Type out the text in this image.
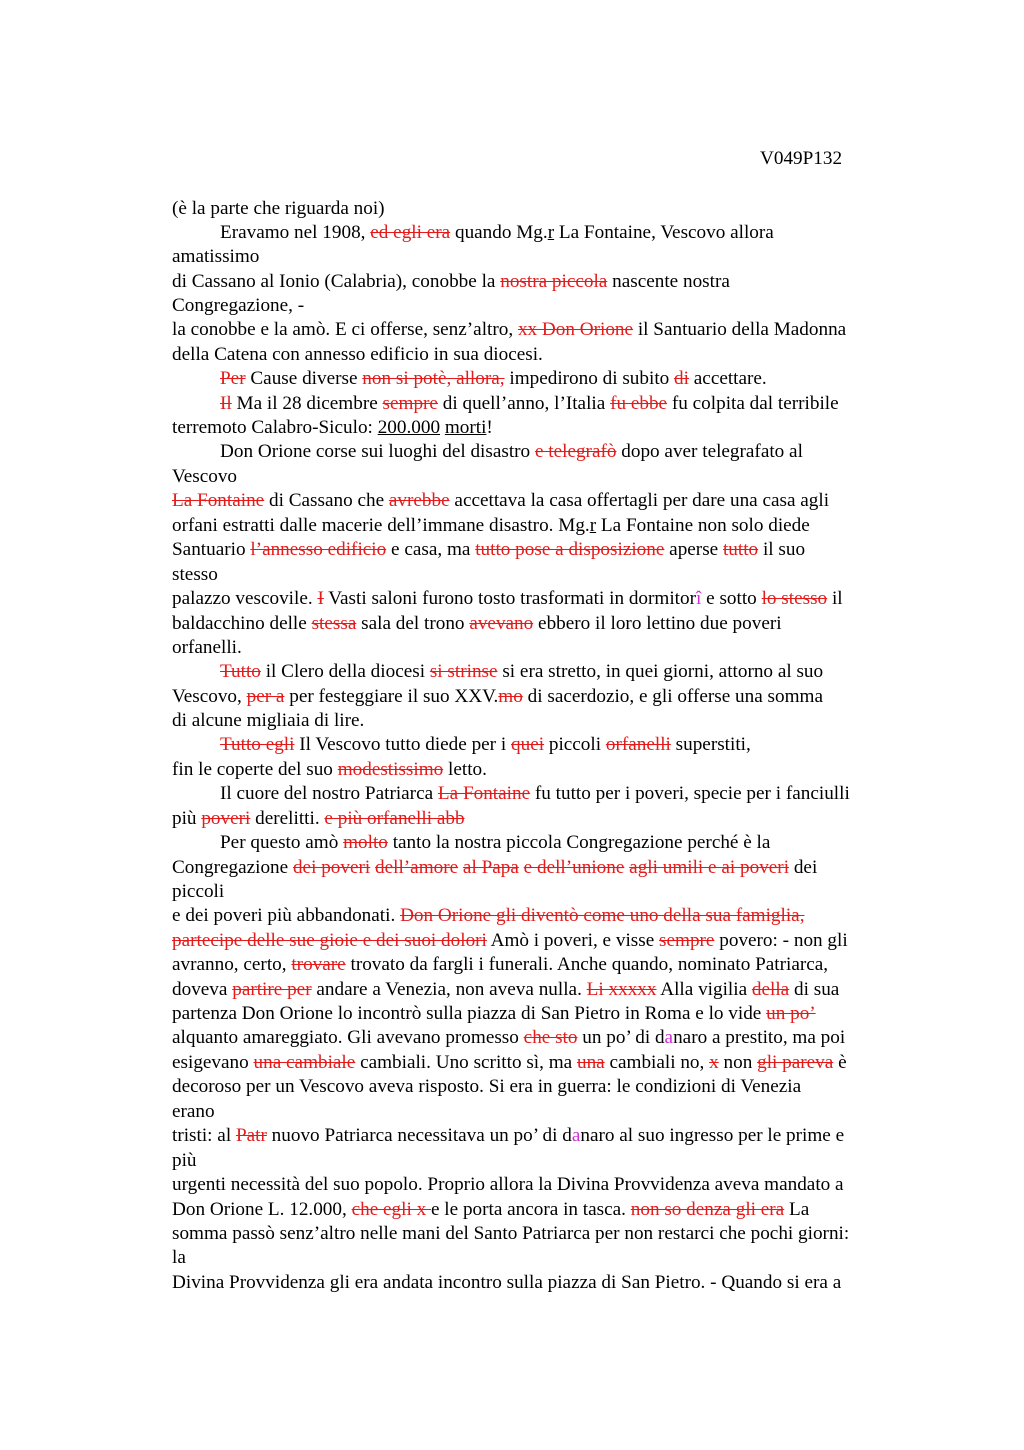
V049P132
(è la parte che riguarda noi)
Eravamo nel 1908, ed egli era quando Mg.r La Fontaine, Vescovo allora
amatissimo
di Cassano al Ionio (Calabria), conobbe la nostra piccola nascente nostra
Congregazione, -
la conobbe e la amò. E ci offerse, senz’altro, xx Don Orione il Santuario della Madonna
della Catena con annesso edificio in sua diocesi.
Per Cause diverse non si potè, allora, impedirono di subito di accettare.
Il Ma il 28 dicembre sempre di quell’anno, l’Italia fu ebbe fu colpita dal terribile
terremoto Calabro-Siculo: 200.000 morti!
Don Orione corse sui luoghi del disastro e telegrafò dopo aver telegrafato al
Vescovo
La Fontaine di Cassano che avrebbe accettava la casa offertagli per dare una casa agli
orfani estratti dalle macerie dell’immane disastro. Mg.r La Fontaine non solo diede
Santuario l’annesso edificio e casa, ma tutto pose a disposizione aperse tutto il suo
stesso
palazzo vescovile. I Vasti saloni furono tosto trasformati in dormitorî e sotto lo stesso il
baldacchino delle stessa sala del trono avevano ebbero il loro lettino due poveri
orfanelli.
Tutto il Clero della diocesi si strinse si era stretto, in quei giorni, attorno al suo
Vescovo, per a per festeggiare il suo XXV.mo di sacerdozio, e gli offerse una somma
di alcune migliaia di lire.
Tutto egli Il Vescovo tutto diede per i quei piccoli orfanelli superstiti,
fin le coperte del suo modestissimo letto.
Il cuore del nostro Patriarca La Fontaine fu tutto per i poveri, specie per i fanciulli
più poveri derelitti. e più orfanelli abb
Per questo amò molto tanto la nostra piccola Congregazione perché è la
Congregazione dei poveri dell’amore al Papa e dell’unione agli umili e ai poveri dei
piccoli
e dei poveri più abbandonati. Don Orione gli diventò come uno della sua famiglia,
partecipe delle sue gioie e dei suoi dolori Amò i poveri, e visse sempre povero: - non gli
avranno, certo, trovare trovato da fargli i funerali. Anche quando, nominato Patriarca,
doveva partire per andare a Venezia, non aveva nulla. Li xxxxx Alla vigilia della di sua
partenza Don Orione lo incontrò sulla piazza di San Pietro in Roma e lo vide un po’
alquanto amareggiato. Gli avevano promesso che sto un po’ di danaro a prestito, ma poi
esigevano una cambiale cambiali. Uno scritto sì, ma una cambiali no, x non gli pareva è
decoroso per un Vescovo aveva risposto. Si era in guerra: le condizioni di Venezia
erano
tristi: al Patr nuovo Patriarca necessitava un po’ di danaro al suo ingresso per le prime e
più
urgenti necessità del suo popolo. Proprio allora la Divina Provvidenza aveva mandato a
Don Orione L. 12.000, che egli x e le porta ancora in tasca. non so denza gli era La
somma passò senz’altro nelle mani del Santo Patriarca per non restarci che pochi giorni:
la
Divina Provvidenza gli era andata incontro sulla piazza di San Pietro. - Quando si era a
